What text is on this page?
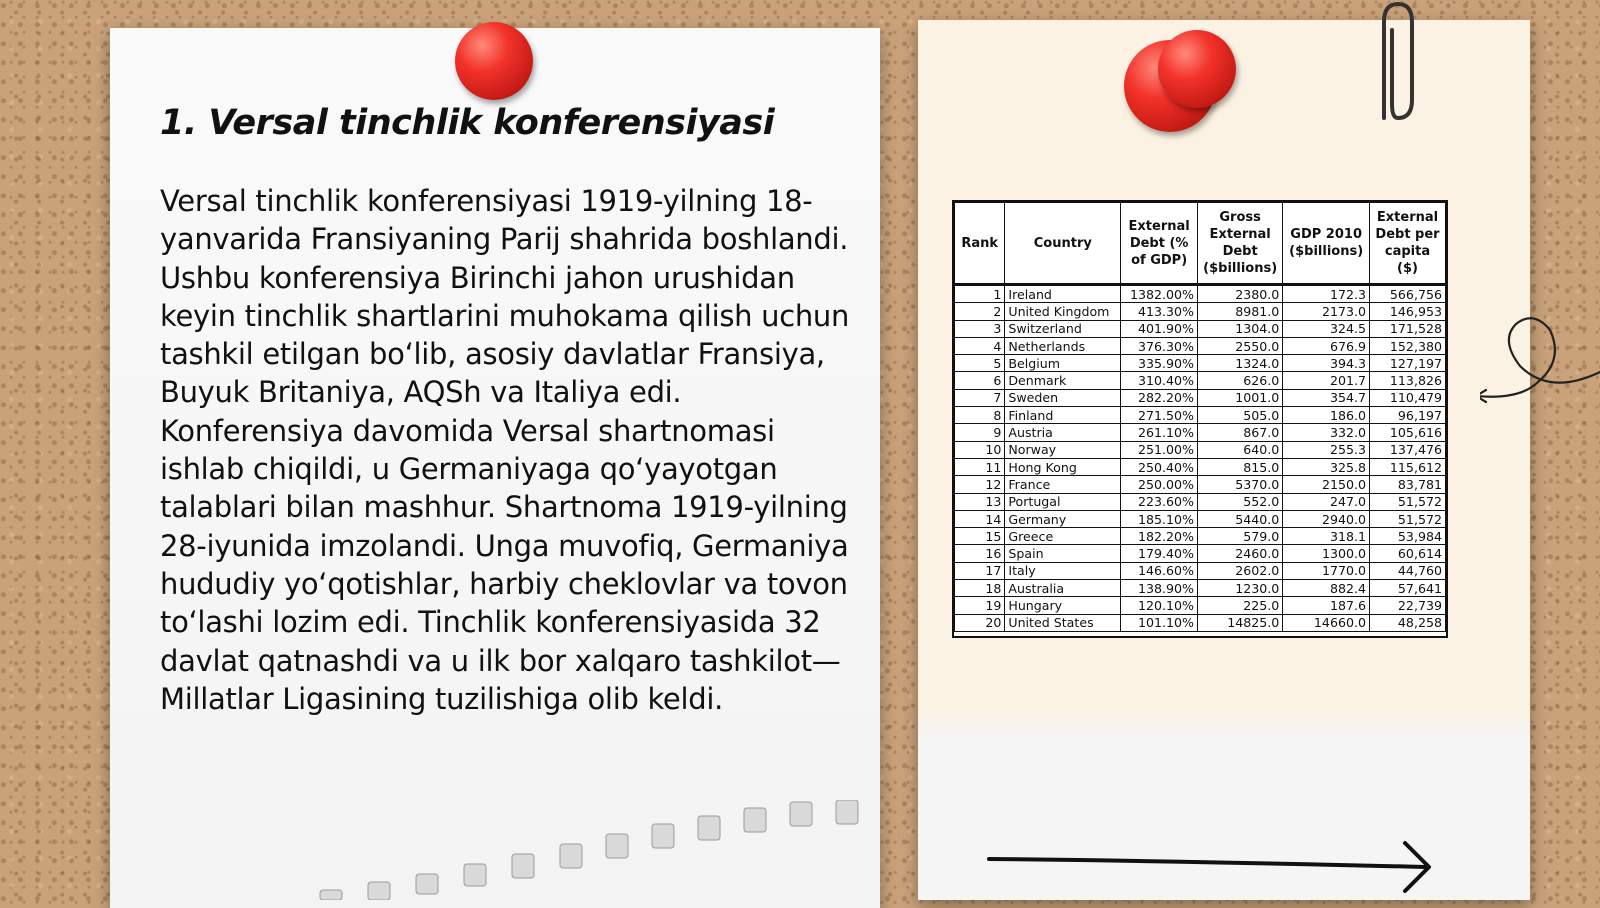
1. Versal tinchlik konferensiyasi

Versal tinchlik konferensiyasi 1919-yilning 18-yanvarida Fransiyaning Parij shahrida boshlandi. Ushbu konferensiya Birinchi jahon urushidan keyin tinchlik shartlarini muhokama qilish uchun tashkil etilgan bo‘lib, asosiy davlatlar Fransiya, Buyuk Britaniya, AQSh va Italiya edi. Konferensiya davomida Versal shartnomasi ishlab chiqildi, u Germaniyaga qo‘yayotgan talablari bilan mashhur. Shartnoma 1919-yilning 28-iyunida imzolandi. Unga muvofiq, Germaniya hududiy yo‘qotishlar, harbiy cheklovlar va tovon to‘lashi lozim edi. Tinchlik konferensiyasida 32 davlat qatnashdi va u ilk bor xalqaro tashkilot— Millatlar Ligasining tuzilishiga olib keldi.

Rank	Country	External Debt (% of GDP)	Gross External Debt ($billions)	GDP 2010 ($billions)	External Debt per capita ($)
1	Ireland	1382.00%	2380.0	172.3	566,756
2	United Kingdom	413.30%	8981.0	2173.0	146,953
3	Switzerland	401.90%	1304.0	324.5	171,528
4	Netherlands	376.30%	2550.0	676.9	152,380
5	Belgium	335.90%	1324.0	394.3	127,197
6	Denmark	310.40%	626.0	201.7	113,826
7	Sweden	282.20%	1001.0	354.7	110,479
8	Finland	271.50%	505.0	186.0	96,197
9	Austria	261.10%	867.0	332.0	105,616
10	Norway	251.00%	640.0	255.3	137,476
11	Hong Kong	250.40%	815.0	325.8	115,612
12	France	250.00%	5370.0	2150.0	83,781
13	Portugal	223.60%	552.0	247.0	51,572
14	Germany	185.10%	5440.0	2940.0	51,572
15	Greece	182.20%	579.0	318.1	53,984
16	Spain	179.40%	2460.0	1300.0	60,614
17	Italy	146.60%	2602.0	1770.0	44,760
18	Australia	138.90%	1230.0	882.4	57,641
19	Hungary	120.10%	225.0	187.6	22,739
20	United States	101.10%	14825.0	14660.0	48,258
